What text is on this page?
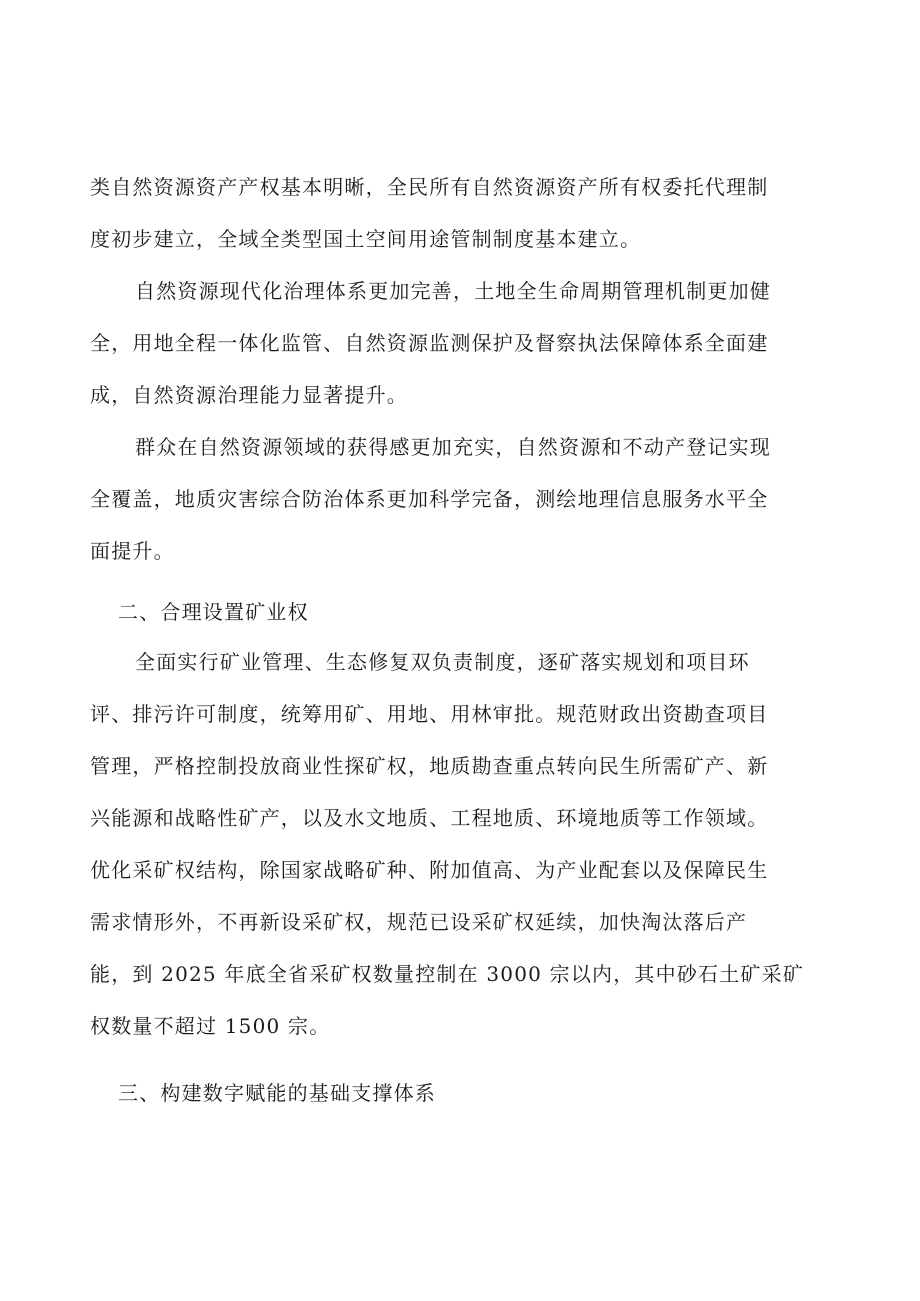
类自然资源资产产权基本明晰，全民所有自然资源资产所有权委托代理制
度初步建立，全域全类型国土空间用途管制制度基本建立。
自然资源现代化治理体系更加完善，土地全生命周期管理机制更加健
全，用地全程一体化监管、自然资源监测保护及督察执法保障体系全面建
成，自然资源治理能力显著提升。
群众在自然资源领域的获得感更加充实，自然资源和不动产登记实现
全覆盖，地质灾害综合防治体系更加科学完备，测绘地理信息服务水平全
面提升。
二、合理设置矿业权
全面实行矿业管理、生态修复双负责制度，逐矿落实规划和项目环
评、排污许可制度，统筹用矿、用地、用林审批。规范财政出资勘查项目
管理，严格控制投放商业性探矿权，地质勘查重点转向民生所需矿产、新
兴能源和战略性矿产，以及水文地质、工程地质、环境地质等工作领域。
优化采矿权结构，除国家战略矿种、附加值高、为产业配套以及保障民生
需求情形外，不再新设采矿权，规范已设采矿权延续，加快淘汰落后产
能，到 2025 年底全省采矿权数量控制在 3000 宗以内，其中砂石土矿采矿
权数量不超过 1500 宗。
三、构建数字赋能的基础支撑体系
